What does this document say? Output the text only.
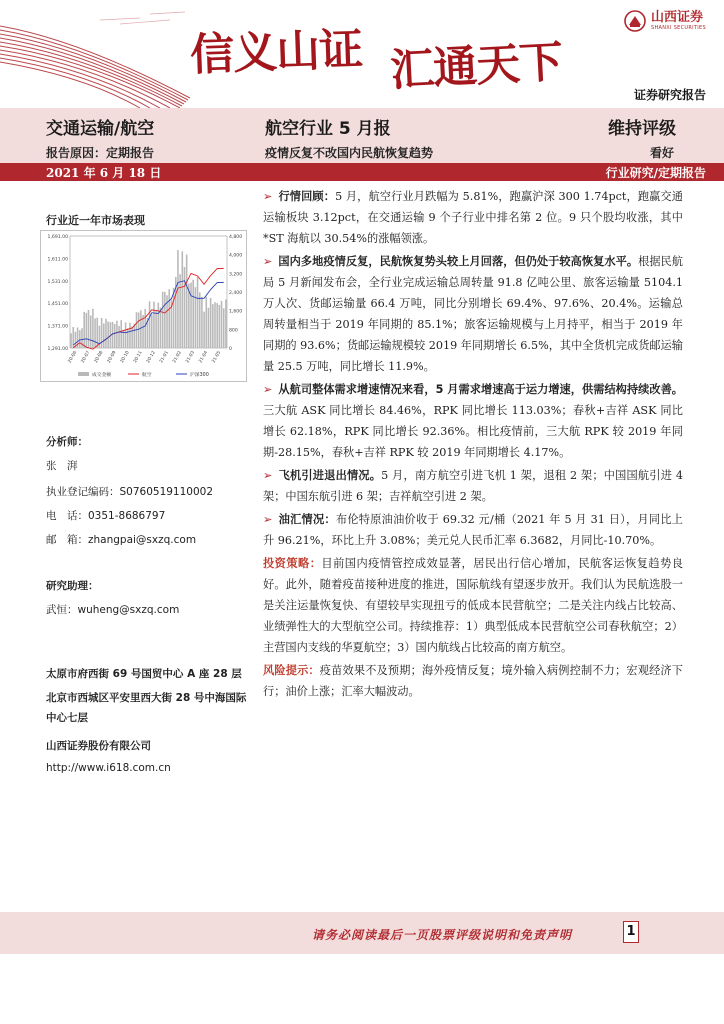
信义山证 汇通天下
山西证券
SHANXI SECURITIES
证券研究报告
交通运输/航空	航空行业 5 月报	维持评级
报告原因：定期报告	疫情反复不改国内民航恢复趋势	看好
2021 年 6 月 18 日	行业研究/定期报告
行业近一年市场表现
1,691.00
1,611.00
1,531.00
1,451.00
1,371.00
1,291.00
4,800
4,000
3,200
2,400
1,600
800
0
20-06 20-07 20-08 20-09 20-10 20-11 20-12 21-01 21-02 21-03 21-04 21-05
成交金额	航空	沪深300

分析师：

张　湃

执业登记编码：S0760519110002

电　话：0351-8686797

邮　箱：zhangpai@sxzq.com

研究助理：

武恒：wuheng@sxzq.com

太原市府西街 69 号国贸中心 A 座 28 层

北京市西城区平安里西大街 28 号中海国际中心七层

山西证券股份有限公司

http://www.i618.com.cn

➢ 行情回顾：5 月，航空行业月跌幅为 5.81%，跑赢沪深 300 1.74pct，跑赢交通运输板块 3.12pct，在交通运输 9 个子行业中排名第 2 位。9 只个股均收涨，其中*ST 海航以 30.54%的涨幅领涨。
➢ 国内多地疫情反复，民航恢复势头较上月回落，但仍处于较高恢复水平。根据民航局 5 月新闻发布会，全行业完成运输总周转量 91.8 亿吨公里、旅客运输量 5104.1 万人次、货邮运输量 66.4 万吨，同比分别增长 69.4%、97.6%、20.4%。运输总周转量相当于 2019 年同期的 85.1%；旅客运输规模与上月持平，相当于 2019 年同期的 93.6%；货邮运输规模较 2019 年同期增长 6.5%，其中全货机完成货邮运输量 25.5 万吨，同比增长 11.9%。
➢ 从航司整体需求增速情况来看，5 月需求增速高于运力增速，供需结构持续改善。三大航 ASK 同比增长 84.46%，RPK 同比增长 113.03%；春秋+吉祥 ASK 同比增长 62.18%，RPK 同比增长 92.36%。相比疫情前，三大航 RPK 较 2019 年同期-28.15%，春秋+吉祥 RPK 较 2019 年同期增长 4.17%。
➢ 飞机引进退出情况。5 月，南方航空引进飞机 1 架，退租 2 架；中国国航引进 4 架；中国东航引进 6 架；吉祥航空引进 2 架。
➢ 油汇情况：布伦特原油油价收于 69.32 元/桶（2021 年 5 月 31 日），月同比上升 96.21%，环比上升 3.08%；美元兑人民币汇率 6.3682，月同比-10.70%。
投资策略：目前国内疫情管控成效显著，居民出行信心增加，民航客运恢复趋势良好。此外，随着疫苗接种进度的推进，国际航线有望逐步放开。我们认为民航选股一是关注运量恢复快、有望较早实现扭亏的低成本民营航空；二是关注内线占比较高、业绩弹性大的大型航空公司。持续推荐：1）典型低成本民营航空公司春秋航空；2）主营国内支线的华夏航空；3）国内航线占比较高的南方航空。
风险提示：疫苗效果不及预期；海外疫情反复；境外输入病例控制不力；宏观经济下行；油价上涨；汇率大幅波动。
请务必阅读最后一页股票评级说明和免责声明	1
